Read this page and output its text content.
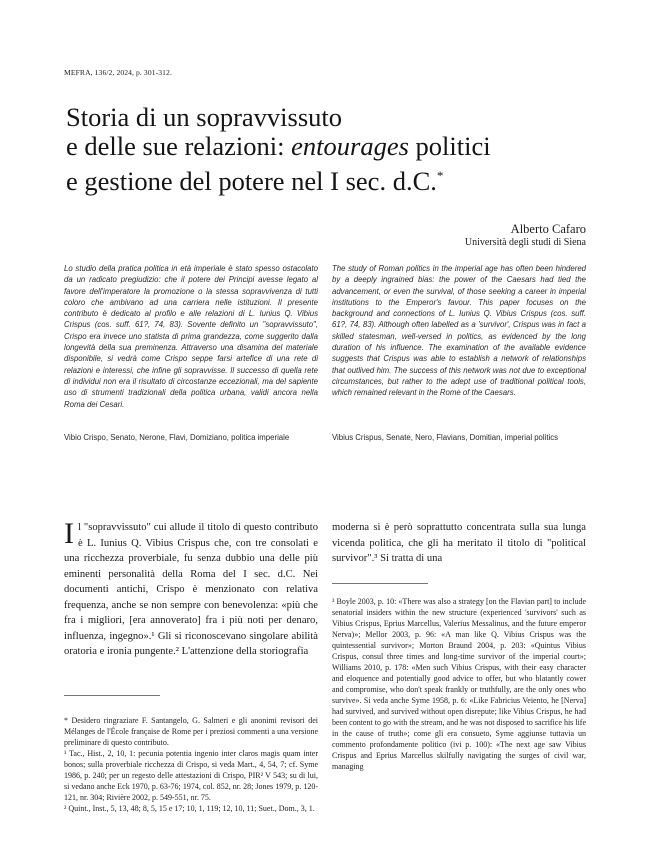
MEFRA, 136/2, 2024, p. 301-312.
Storia di un sopravvissuto
e delle sue relazioni: entourages politici
e gestione del potere nel I sec. d.C.*
Alberto Cafaro
Università degli studi di Siena
Lo studio della pratica politica in età imperiale è stato spesso ostacolato da un radicato pregiudizio: che il potere dei Principi avesse legato al favore dell'imperatore la promozione o la stessa sopravvivenza di tutti coloro che ambivano ad una carriera nelle istituzioni. Il presente contributo è dedicato al profilo e alle relazioni di L. Iunius Q. Vibius Crispus (cos. suff. 61?, 74, 83). Sovente definito un "sopravvissuto", Crispo era invece uno statista di prima grandezza, come suggerito dalla longevità della sua preminenza. Attraverso una disamina del materiale disponibile, si vedrà come Crispo seppe farsi artefice di una rete di relazioni e interessi, che infine gli sopravvisse. Il successo di quella rete di individui non era il risultato di circostanze eccezionali, ma del sapiente uso di strumenti tradizionali della politica urbana, validi ancora nella Roma dei Cesari.
The study of Roman politics in the imperial age has often been hindered by a deeply ingrained bias: the power of the Caesars had tied the advancement, or even the survival, of those seeking a career in imperial institutions to the Emperor's favour. This paper focuses on the background and connections of L. Iunius Q. Vibius Crispus (cos. suff. 61?, 74, 83). Although often labelled as a 'survivor', Crispus was in fact a skilled statesman, well-versed in politics, as evidenced by the long duration of his influence. The examination of the available evidence suggests that Crispus was able to establish a network of relationships that outlived him. The success of this network was not due to exceptional circumstances, but rather to the adept use of traditional political tools, which remained relevant in the Rome of the Caesars.
Vibio Crispo, Senato, Nerone, Flavi, Domiziano, politica imperiale	Vibius Crispus, Senate, Nero, Flavians, Domitian, imperial politics
Il "sopravvissuto" cui allude il titolo di questo contributo è L. Iunius Q. Vibius Crispus che, con tre consolati e una ricchezza proverbiale, fu senza dubbio una delle più eminenti personalità della Roma del I sec. d.C. Nei documenti antichi, Crispo è menzionato con relativa frequenza, anche se non sempre con benevolenza: «più che fra i migliori, [era annoverato] fra i più noti per denaro, influenza, ingegno».¹ Gli si riconoscevano singolare abilità oratoria e ironia pungente.² L'attenzione della storiografia
moderna si è però soprattutto concentrata sulla sua lunga vicenda politica, che gli ha meritato il titolo di "political survivor".³ Si tratta di una

* Desidero ringraziare F. Santangelo, G. Salmeri e gli anonimi revisori dei Mélanges de l'École française de Rome per i preziosi commenti a una versione preliminare di questo contributo.

¹ Tac., Hist., 2, 10, 1: pecunia potentia ingenio inter claros magis quam inter bonos; sulla proverbiale ricchezza di Crispo, si veda Mart., 4, 54, 7; cf. Syme 1986, p. 240; per un regesto delle attestazioni di Crispo, PIR² V 543; su di lui, si vedano anche Eck 1970, p. 63-76; 1974, col. 852, nr. 28; Jones 1979, p. 120-121, nr. 304; Rivière 2002, p. 549-551, nr. 75.

² Quint., Inst., 5, 13, 48; 8, 5, 15 e 17; 10, 1, 119; 12, 10, 11; Suet., Dom., 3, 1.

³ Boyle 2003, p. 10: «There was also a strategy [on the Flavian part] to include senatorial insiders within the new structure (experienced 'survivors' such as Vibius Crispus, Eprius Marcellus, Valerius Messalinus, and the future emperor Nerva)»; Mellor 2003, p. 96: «A man like Q. Vibius Crispus was the quintessential survivor»; Morton Braund 2004, p. 203: «Quintus Vibius Crispus, consul three times and long-time survivor of the imperial court»; Williams 2010, p. 178: «Men such Vibius Crispus, with their easy character and eloquence and potentially good advice to offer, but who blatantly cower and compromise, who don't speak frankly or truthfully, are the only ones who survive». Si veda anche Syme 1958, p. 6: «Like Fabricius Veiento, he [Nerva] had survived, and survived without open disrepute; like Vibius Crispus, he had been content to go with the stream, and he was not disposed to sacrifice his life in the cause of truth»; come gli era consueto, Syme aggiunse tuttavia un commento profondamente politico (ivi p. 100): «The next age saw Vibius Crispus and Eprius Marcellus skilfully navigating the surges of civil war, managing
